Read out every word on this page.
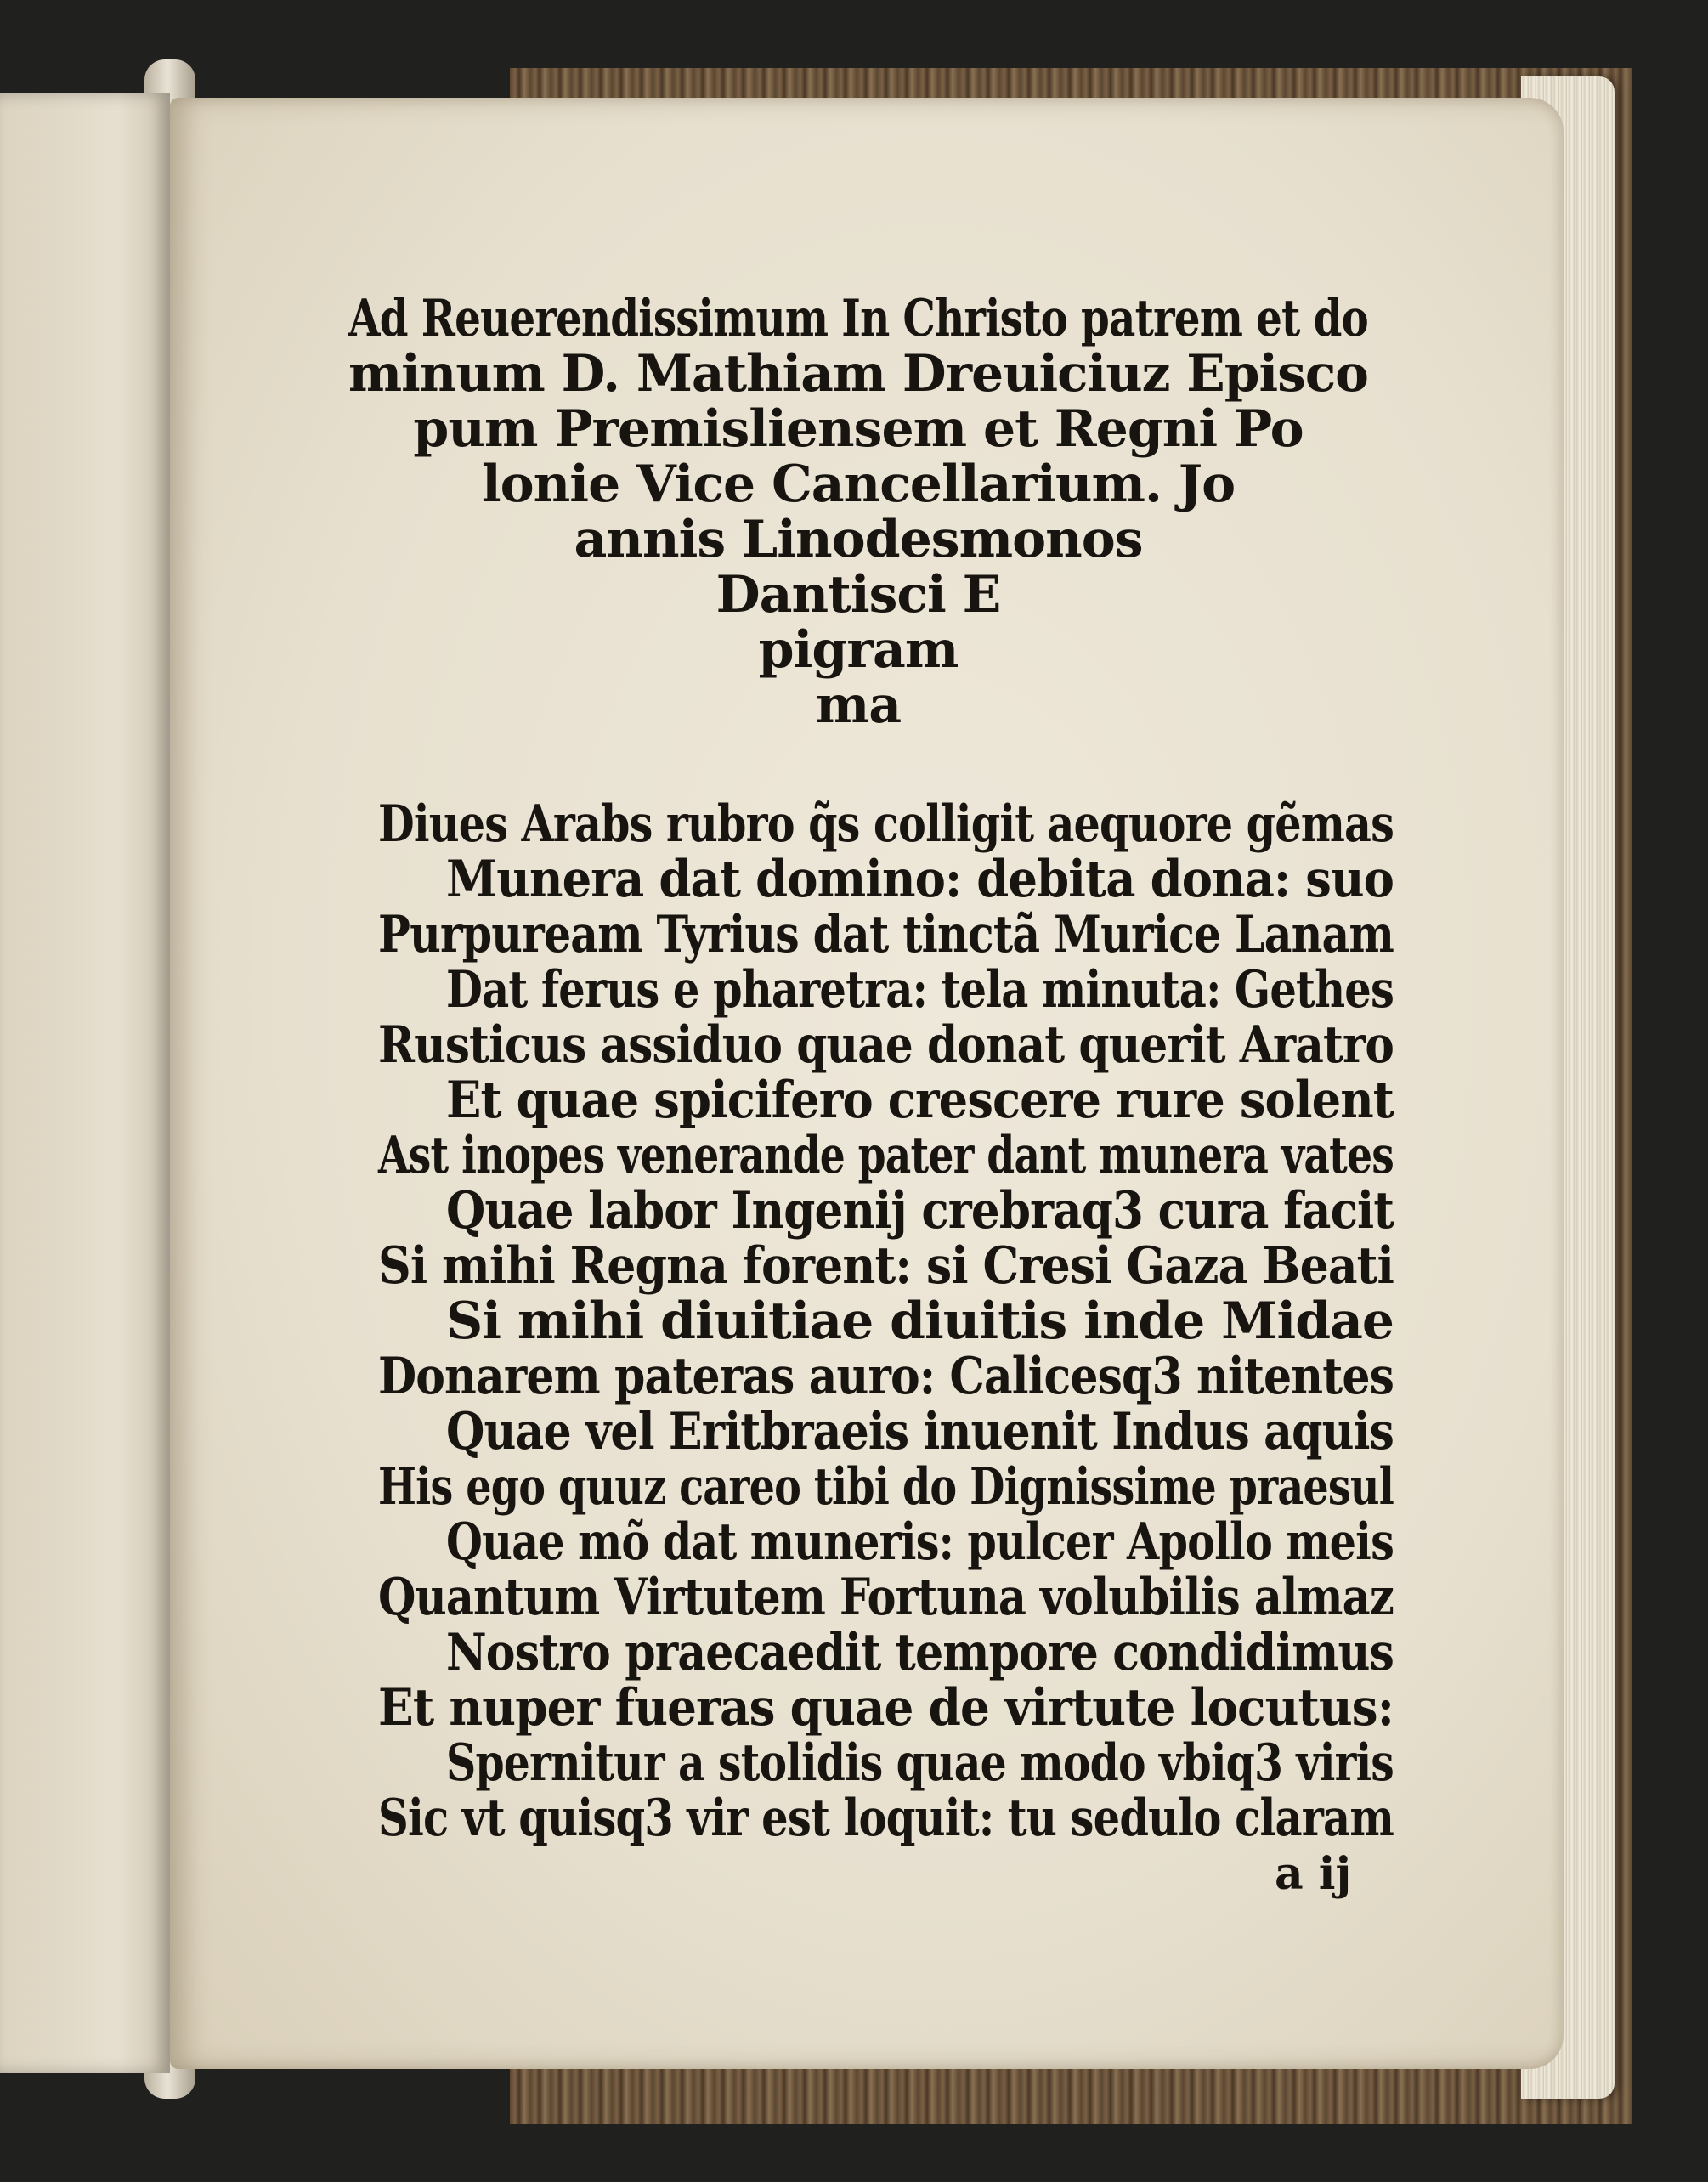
Ad Reuerendissimum In Christo patrem et do

minum D. Mathiam Dreuiciuz Episco

pum Premisliensem et Regni Po

lonie Vice Cancellarium. Jo

annis Linodesmonos

Dantisci E

pigram

ma

Diues Arabs rubro q̃s colligit aequore gẽmas

Munera dat domino: debita dona: suo

Purpuream Tyrius dat tinctã Murice Lanam

Dat ferus e pharetra: tela minuta: Gethes

Rusticus assiduo quae donat querit Aratro

Et quae spicifero crescere rure solent

Ast inopes venerande pater dant munera vates

Quae labor Ingenij crebraq3 cura facit

Si mihi Regna forent: si Cresi Gaza Beati

Si mihi diuitiae diuitis inde Midae

Donarem pateras auro: Calicesq3 nitentes

Quae vel Eritbraeis inuenit Indus aquis

His ego quuz careo tibi do Dignissime praesul

Quae mõ dat muneris: pulcer Apollo meis

Quantum Virtutem Fortuna volubilis almaz

Nostro praecaedit tempore condidimus

Et nuper fueras quae de virtute locutus:

Spernitur a stolidis quae modo vbiq3 viris

Sic vt quisq3 vir est loquit: tu sedulo claram

a ij
